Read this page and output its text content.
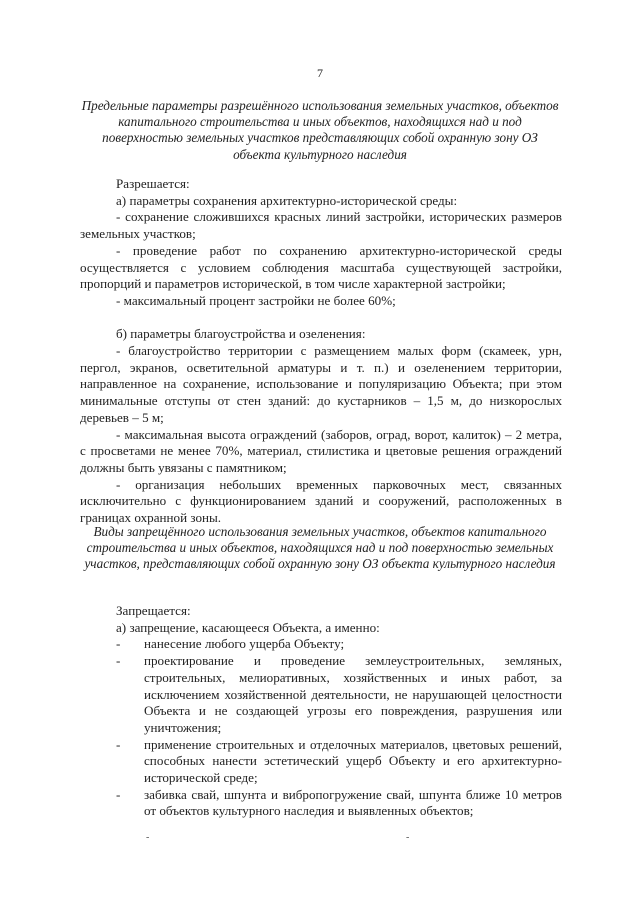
7
Предельные параметры разрешённого использования земельных участков, объектов капитального строительства и иных объектов, находящихся над и под поверхностью земельных участков представляющих собой охранную зону ОЗ объекта культурного наследия

Разрешается:

а) параметры сохранения архитектурно-исторической среды:

- сохранение сложившихся красных линий застройки, исторических размеров земельных участков;

- проведение работ по сохранению архитектурно-исторической среды осуществляется с условием соблюдения масштаба существующей застройки, пропорций и параметров исторической, в том числе характерной застройки;

- максимальный процент застройки не более 60%;

б) параметры благоустройства и озеленения:

- благоустройство территории с размещением малых форм (скамеек, урн, пергол, экранов, осветительной арматуры и т. п.) и озеленением территории, направленное на сохранение, использование и популяризацию Объекта; при этом минимальные отступы от стен зданий: до кустарников – 1,5 м, до низкорослых деревьев – 5 м;

- максимальная высота ограждений (заборов, оград, ворот, калиток) – 2 метра, с просветами не менее 70%, материал, стилистика и цветовые решения ограждений должны быть увязаны с памятником;

- организация небольших временных парковочных мест, связанных исключительно с функционированием зданий и сооружений, расположенных в границах охранной зоны.

Виды запрещённого использования земельных участков, объектов капитального строительства и иных объектов, находящихся над и под поверхностью земельных участков, представляющих собой охранную зону ОЗ объекта культурного наследия

Запрещается:

а) запрещение, касающееся Объекта, а именно:

-	нанесение любого ущерба Объекту;
-	проектирование и проведение землеустроительных, земляных, строительных, мелиоративных, хозяйственных и иных работ, за исключением хозяйственной деятельности, не нарушающей целостности Объекта и не создающей угрозы его повреждения, разрушения или уничтожения;
-	применение строительных и отделочных материалов, цветовых решений, способных нанести эстетический ущерб Объекту и его архитектурно-исторической среде;
-	забивка свай, шпунта и вибропогружение свай, шпунта ближе 10 метров от объектов культурного наследия и выявленных объектов;
-	-
